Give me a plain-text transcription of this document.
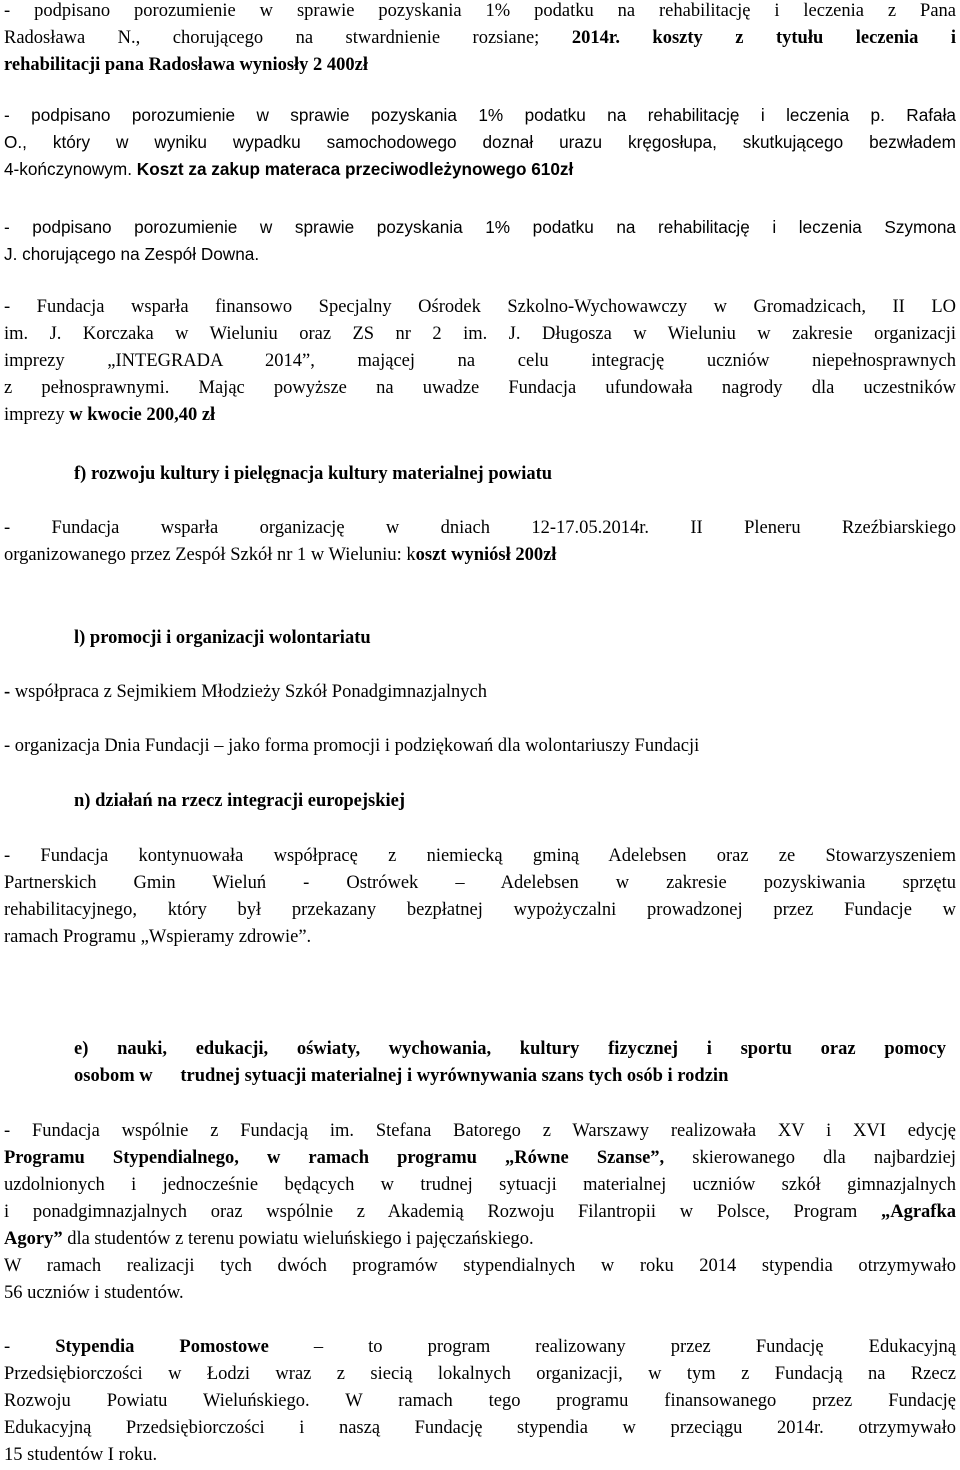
- podpisano porozumienie w sprawie pozyskania 1% podatku na rehabilitację i leczenia z Pana
Radosława N., chorującego na stwardnienie rozsiane; 2014r. koszty z tytułu leczenia i
rehabilitacji pana Radosława wyniosły 2 400zł
- podpisano porozumienie w sprawie pozyskania 1% podatku na rehabilitację i leczenia p. Rafała
O., który w wyniku wypadku samochodowego doznał urazu kręgosłupa, skutkującego bezwładem
4-kończynowym. Koszt za zakup materaca przeciwodleżynowego 610zł
- podpisano porozumienie w sprawie pozyskania 1% podatku na rehabilitację i leczenia Szymona
J. chorującego na Zespół Downa.
- Fundacja wsparła finansowo Specjalny Ośrodek Szkolno-Wychowawczy w Gromadzicach, II LO
im. J. Korczaka w Wieluniu oraz ZS nr 2 im. J. Długosza w Wieluniu w zakresie organizacji
imprezy „INTEGRADA 2014”, mającej na celu integrację uczniów niepełnosprawnych
z pełnosprawnymi. Mając powyższe na uwadze Fundacja ufundowała nagrody dla uczestników
imprezy w kwocie 200,40 zł
f) rozwoju kultury i pielęgnacja kultury materialnej powiatu
- Fundacja wsparła organizację w dniach 12-17.05.2014r. II Pleneru Rzeźbiarskiego
organizowanego przez Zespół Szkół nr 1 w Wieluniu: koszt wyniósł 200zł
l) promocji i organizacji wolontariatu
- współpraca z Sejmikiem Młodzieży Szkół Ponadgimnazjalnych
- organizacja Dnia Fundacji – jako forma promocji i podziękowań dla wolontariuszy Fundacji
n) działań na rzecz integracji europejskiej
- Fundacja kontynuowała współpracę z niemiecką gminą Adelebsen oraz ze Stowarzyszeniem
Partnerskich Gmin Wieluń - Ostrówek – Adelebsen w zakresie pozyskiwania sprzętu
rehabilitacyjnego, który był przekazany bezpłatnej wypożyczalni prowadzonej przez Fundacje w
ramach Programu „Wspieramy zdrowie”.
e) nauki, edukacji, oświaty, wychowania, kultury fizycznej i sportu oraz pomocy
osobom w      trudnej sytuacji materialnej i wyrównywania szans tych osób i rodzin
- Fundacja wspólnie z Fundacją im. Stefana Batorego z Warszawy realizowała XV i XVI edycję
Programu Stypendialnego, w ramach programu „Równe Szanse”, skierowanego dla najbardziej
uzdolnionych i jednocześnie będących w trudnej sytuacji materialnej uczniów szkół gimnazjalnych
i ponadgimnazjalnych oraz wspólnie z Akademią Rozwoju Filantropii w Polsce, Program „Agrafka
Agory” dla studentów z terenu powiatu wieluńskiego i pajęczańskiego.
W ramach realizacji tych dwóch programów stypendialnych w roku 2014 stypendia otrzymywało
56 uczniów i studentów.
- Stypendia Pomostowe – to program realizowany przez Fundację Edukacyjną
Przedsiębiorczości w Łodzi wraz z siecią lokalnych organizacji, w tym z Fundacją na Rzecz
Rozwoju Powiatu Wieluńskiego. W ramach tego programu finansowanego przez Fundację
Edukacyjną Przedsiębiorczości i naszą Fundację stypendia w przeciągu 2014r. otrzymywało
15 studentów I roku.
